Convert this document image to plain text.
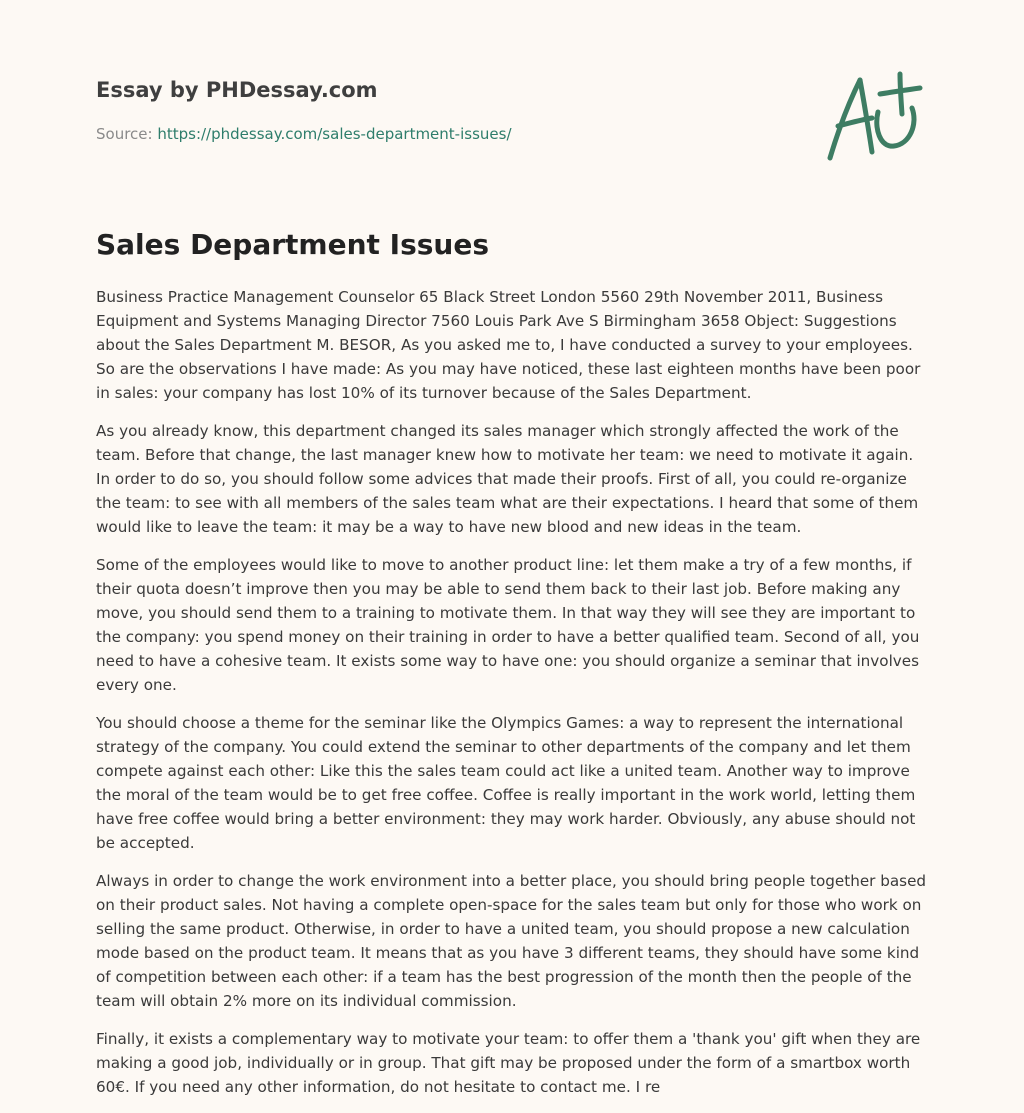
Essay by PHDessay.com
Source: https://phdessay.com/sales-department-issues/
Sales Department Issues

Business Practice Management Counselor 65 Black Street London 5560 29th November 2011, Business Equipment and Systems Managing Director 7560 Louis Park Ave S Birmingham 3658 Object: Suggestions about the Sales Department M. BESOR, As you asked me to, I have conducted a survey to your employees. So are the observations I have made: As you may have noticed, these last eighteen months have been poor in sales: your company has lost 10% of its turnover because of the Sales Department.

As you already know, this department changed its sales manager which strongly affected the work of the team. Before that change, the last manager knew how to motivate her team: we need to motivate it again. In order to do so, you should follow some advices that made their proofs. First of all, you could re-organize the team: to see with all members of the sales team what are their expectations. I heard that some of them would like to leave the team: it may be a way to have new blood and new ideas in the team.

Some of the employees would like to move to another product line: let them make a try of a few months, if their quota doesn’t improve then you may be able to send them back to their last job. Before making any move, you should send them to a training to motivate them. In that way they will see they are important to the company: you spend money on their training in order to have a better qualified team. Second of all, you need to have a cohesive team. It exists some way to have one: you should organize a seminar that involves every one.

You should choose a theme for the seminar like the Olympics Games: a way to represent the international strategy of the company. You could extend the seminar to other departments of the company and let them compete against each other: Like this the sales team could act like a united team. Another way to improve the moral of the team would be to get free coffee. Coffee is really important in the work world, letting them have free coffee would bring a better environment: they may work harder. Obviously, any abuse should not be accepted.

Always in order to change the work environment into a better place, you should bring people together based on their product sales. Not having a complete open-space for the sales team but only for those who work on selling the same product. Otherwise, in order to have a united team, you should propose a new calculation mode based on the product team. It means that as you have 3 different teams, they should have some kind of competition between each other: if a team has the best progression of the month then the people of the team will obtain 2% more on its individual commission.

Finally, it exists a complementary way to motivate your team: to offer them a 'thank you' gift when they are making a good job, individually or in group. That gift may be proposed under the form of a smartbox worth 60€. If you need any other information, do not hesitate to contact me. I re
